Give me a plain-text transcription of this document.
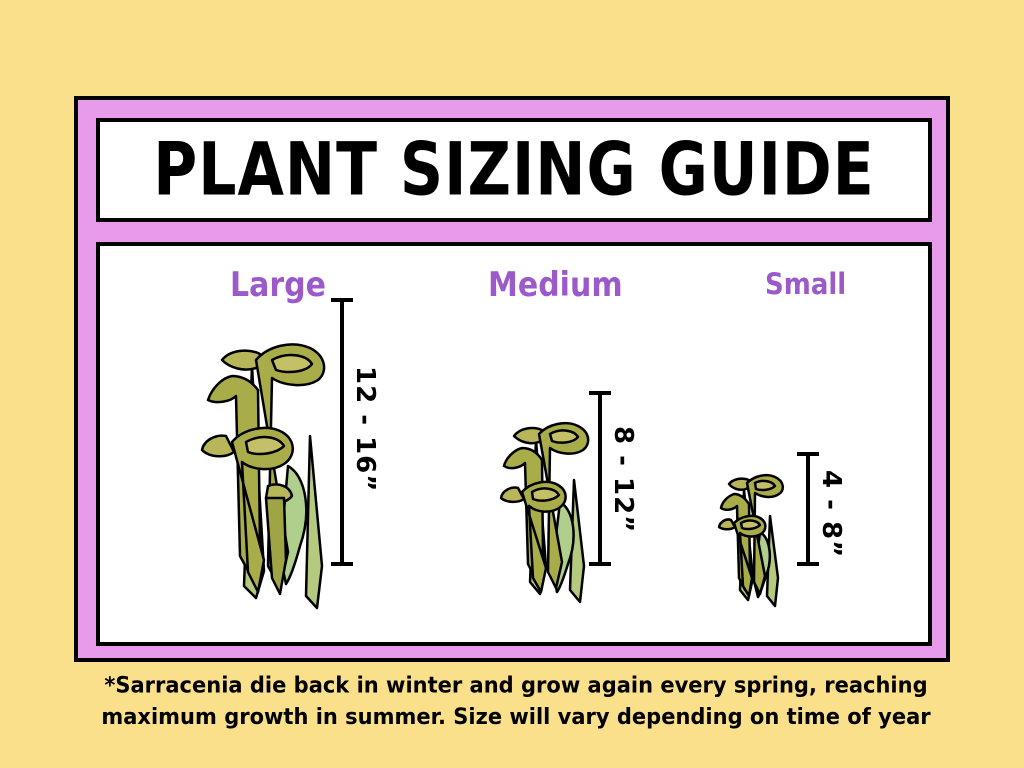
PLANT SIZING GUIDE
Large	Medium	Small
12 - 16”	8 - 12”	4 - 8”
*Sarracenia die back in winter and grow again every spring, reaching
maximum growth in summer. Size will vary depending on time of year
